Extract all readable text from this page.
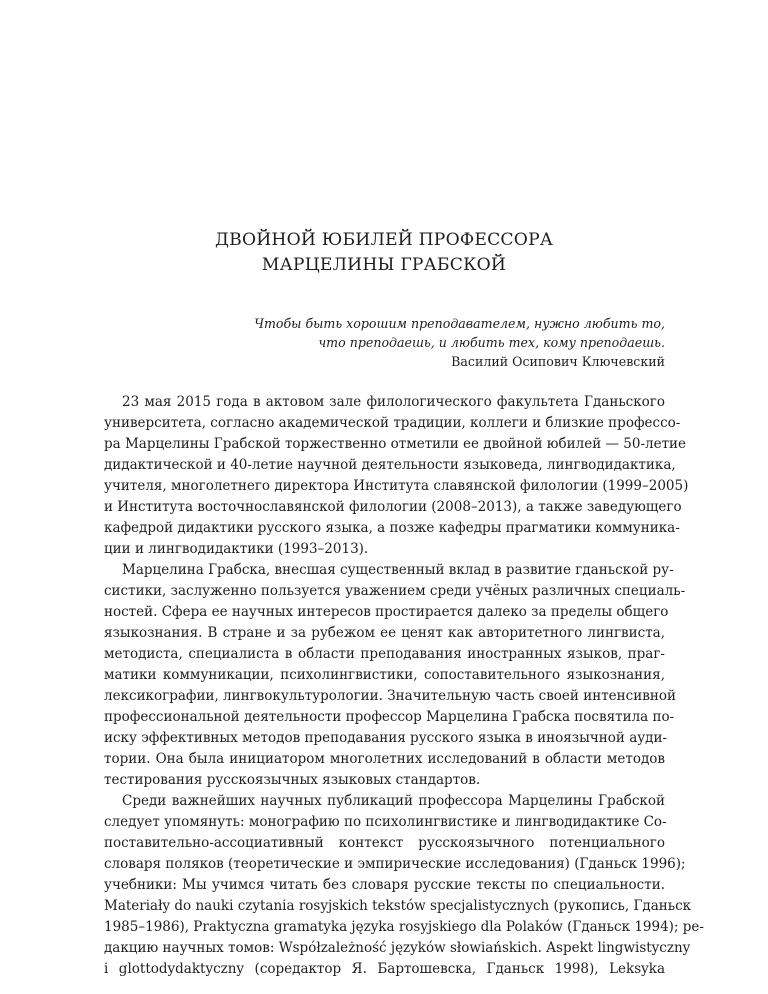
ДВОЙНОЙ ЮБИЛЕЙ ПРОФЕССОРА
МАРЦЕЛИНЫ ГРАБСКОЙ
Чтобы быть хорошим преподавателем, нужно любить то,
что преподаешь, и любить тех, кому преподаешь.
Василий Осипович Ключевский
23 мая 2015 года в актовом зале филологического факультета Гданьского
университета, согласно академической традиции, коллеги и близкие профессо-
ра Марцелины Грабской торжественно отметили ее двойной юбилей — 50-летие
дидактической и 40-летие научной деятельности языковеда, лингводидактика,
учителя, многолетнего директора Института славянской филологии (1999–2005)
и Института восточнославянской филологии (2008–2013), а также заведующего
кафедрой дидактики русского языка, а позже кафедры прагматики коммуника-
ции и лингводидактики (1993–2013).
Марцелина Грабска, внесшая существенный вклад в развитие гданьской ру-
систики, заслуженно пользуется уважением среди учёных различных специаль-
ностей. Сфера ее научных интересов простирается далеко за пределы общего
языкознания. В стране и за рубежом ее ценят как авторитетного лингвиста,
методиста, специалиста в области преподавания иностранных языков, праг-
матики коммуникации, психолингвистики, сопоставительного языкознания,
лексикографии, лингвокультурологии. Значительную часть своей интенсивной
профессиональной деятельности профессор Марцелина Грабска посвятила по-
иску эффективных методов преподавания русского языка в иноязычной ауди-
тории. Она была инициатором многолетних исследований в области методов
тестирования русскоязычных языковых стандартов.
Среди важнейших научных публикаций профессора Марцелины Грабской
следует упомянуть: монографию по психолингвистике и лингводидактике Со-
поставительно-ассоциативный контекст русскоязычного потенциального
словаря поляков (теоретические и эмпирические исследования) (Гданьск 1996);
учебники: Мы учимся читать без словаря русские тексты по специальности.
Materiały do nauki czytania rosyjskich tekstów specjalistycznych (рукопись, Гданьск
1985–1986), Praktyczna gramatyka języka rosyjskiego dla Polaków (Гданьск 1994); ре-
дакцию научных томов: Współzależność języków słowiańskich. Aspekt lingwistyczny
i glottodydaktyczny (соредактор Я. Бартошевска, Гданьск 1998), Leksyka
